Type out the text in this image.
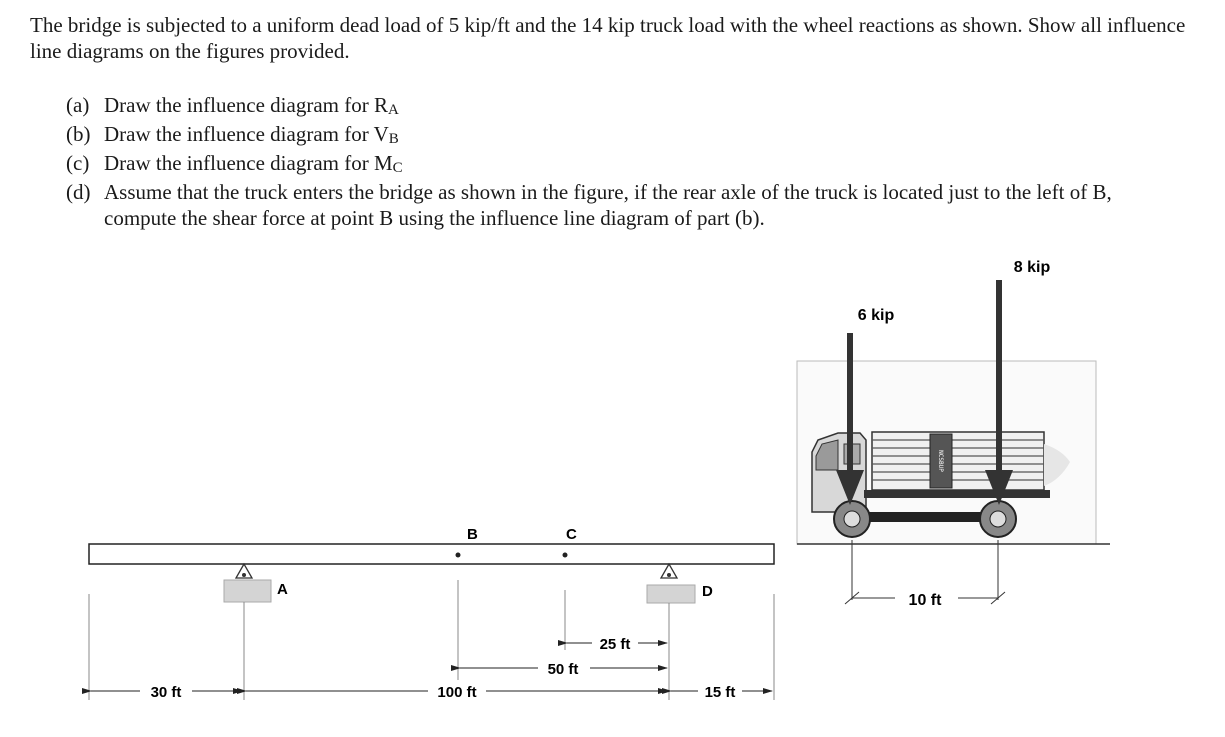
The bridge is subjected to a uniform dead load of 5 kip/ft and the 14 kip truck load with the wheel reactions as shown. Show all influence line diagrams on the figures provided.

(a) Draw the influence diagram for $R_A$
(b) Draw the influence diagram for $V_B$
(c) Draw the influence diagram for $M_C$
(d) Assume that the truck enters the bridge as shown in the figure, if the rear axle of the truck is located just to the left of B, compute the shear force at point B using the influence line diagram of part (b).
B	C
A	D
30 ft	100 ft	15 ft
50 ft
25 ft
NCSBUP
6 kip
8 kip
10 ft
